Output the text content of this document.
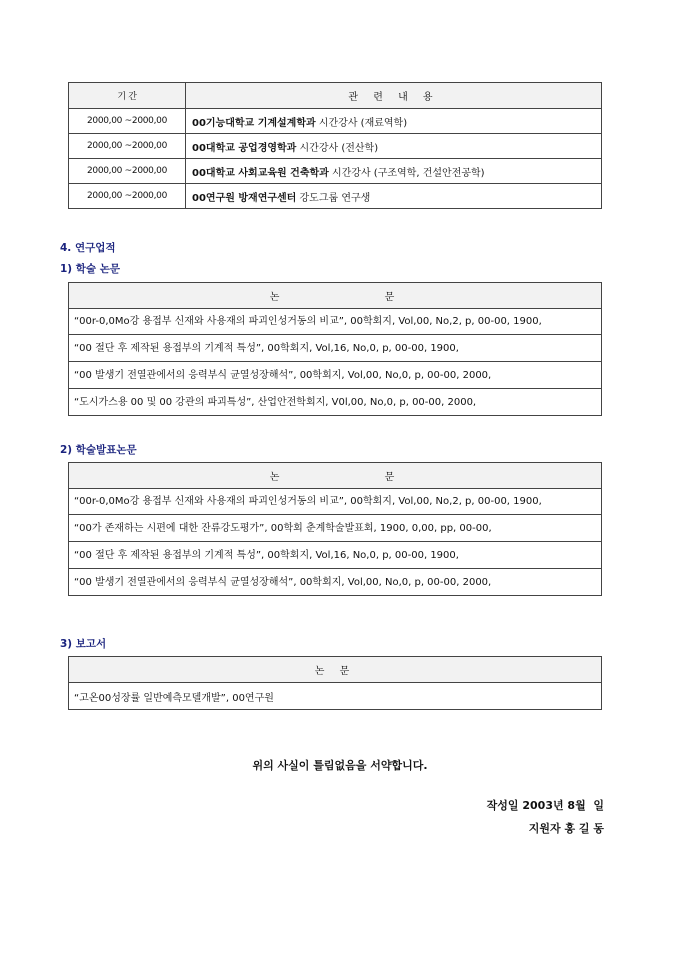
기 간	관 련 내 용
2000,00 ~2000,00	00기능대학교 기계설계학과 시간강사 (재료역학)
2000,00 ~2000,00	00대학교 공업경영학과 시간강사 (전산학)
2000,00 ~2000,00	00대학교 사회교육원 건축학과 시간강사 (구조역학, 건설안전공학)
2000,00 ~2000,00	00연구원 방재연구센터 강도그룹 연구생
4. 연구업적
1) 학술 논문
논 문
“00r-0,0Mo강 용접부 신재와 사용재의 파괴인성거동의 비교”, 00학회지, Vol,00, No,2, p, 00-00, 1900,
“00 절단 후 제작된 용접부의 기계적 특성”, 00학회지, Vol,16, No,0, p, 00-00, 1900,
“00 발생기 전열관에서의 응력부식 균열성장해석”, 00학회지, Vol,00, No,0, p, 00-00, 2000,
“도시가스용 00 및 00 강관의 파괴특성”, 산업안전학회지, V0l,00, No,0, p, 00-00, 2000,
2) 학술발표논문
논 문
“00r-0,0Mo강 용접부 신재와 사용재의 파괴인성거동의 비교”, 00학회지, Vol,00, No,2, p, 00-00, 1900,
“00가 존재하는 시편에 대한 잔류강도평가”, 00학회 춘계학술발표회, 1900, 0,00, pp, 00-00,
“00 절단 후 제작된 용접부의 기계적 특성”, 00학회지, Vol,16, No,0, p, 00-00, 1900,
“00 발생기 전열관에서의 응력부식 균열성장해석”, 00학회지, Vol,00, No,0, p, 00-00, 2000,
3) 보고서
논 문
“고온00성장률 일반예측모델개발”, 00연구원
위의 사실이 틀림없음을 서약합니다.
작성일 2003년 8월  일
지원자 홍 길 동
